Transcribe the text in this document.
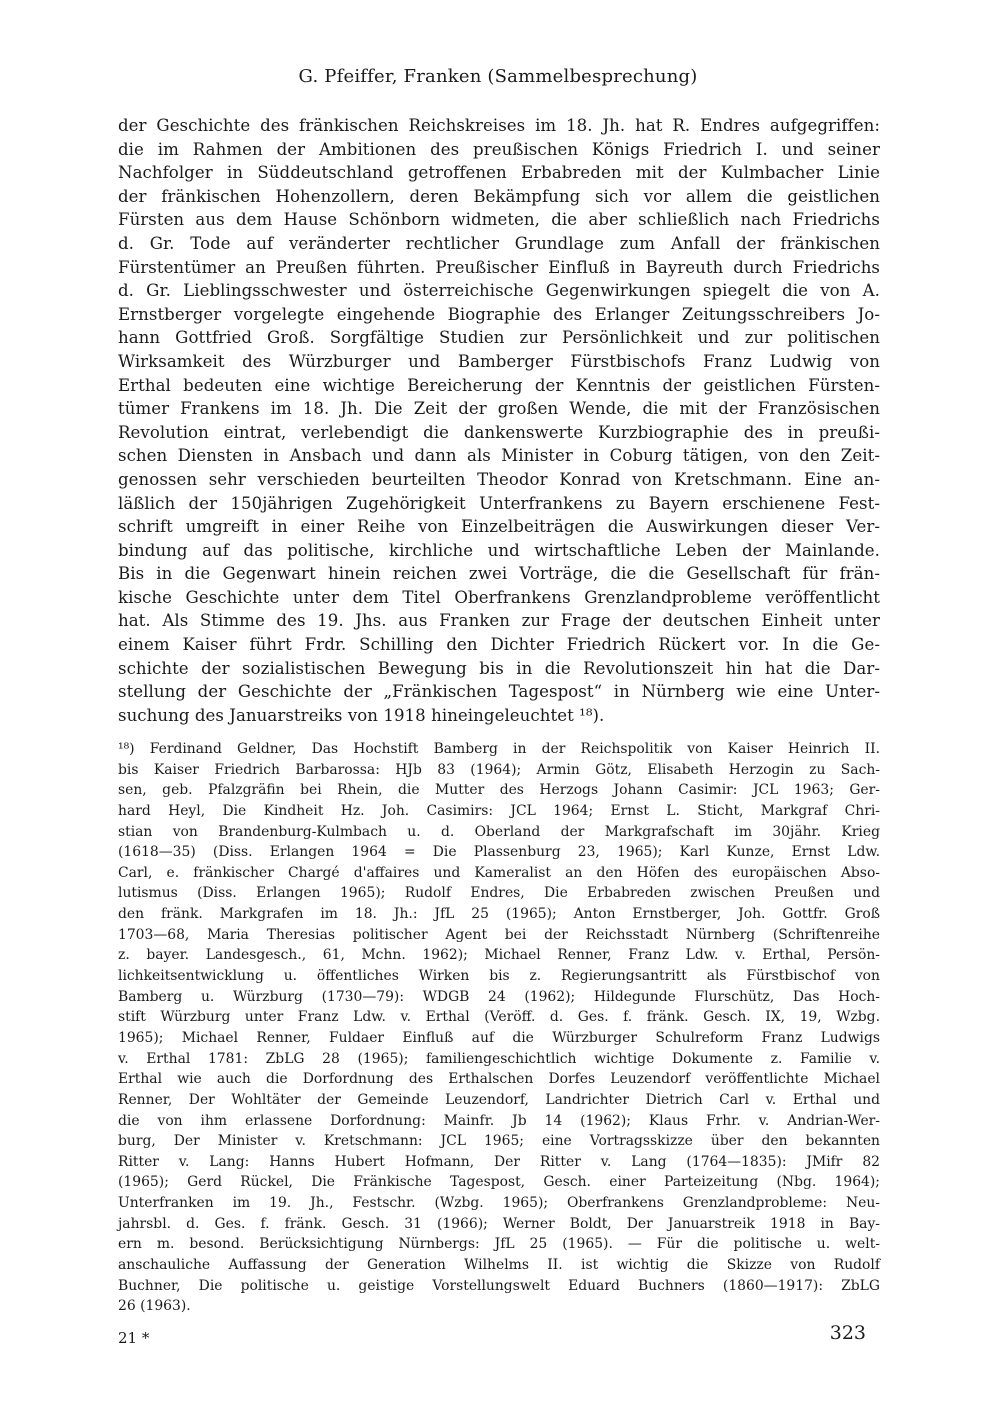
G. Pfeiffer, Franken (Sammelbesprechung)
der Geschichte des fränkischen Reichskreises im 18. Jh. hat R. Endres aufgegriffen:
die im Rahmen der Ambitionen des preußischen Königs Friedrich I. und seiner
Nachfolger in Süddeutschland getroffenen Erbabreden mit der Kulmbacher Linie
der fränkischen Hohenzollern, deren Bekämpfung sich vor allem die geistlichen
Fürsten aus dem Hause Schönborn widmeten, die aber schließlich nach Friedrichs
d. Gr. Tode auf veränderter rechtlicher Grundlage zum Anfall der fränkischen
Fürstentümer an Preußen führten. Preußischer Einfluß in Bayreuth durch Friedrichs
d. Gr. Lieblingsschwester und österreichische Gegenwirkungen spiegelt die von A.
Ernstberger vorgelegte eingehende Biographie des Erlanger Zeitungsschreibers Jo-
hann Gottfried Groß. Sorgfältige Studien zur Persönlichkeit und zur politischen
Wirksamkeit des Würzburger und Bamberger Fürstbischofs Franz Ludwig von
Erthal bedeuten eine wichtige Bereicherung der Kenntnis der geistlichen Fürsten-
tümer Frankens im 18. Jh. Die Zeit der großen Wende, die mit der Französischen
Revolution eintrat, verlebendigt die dankenswerte Kurzbiographie des in preußi-
schen Diensten in Ansbach und dann als Minister in Coburg tätigen, von den Zeit-
genossen sehr verschieden beurteilten Theodor Konrad von Kretschmann. Eine an-
läßlich der 150jährigen Zugehörigkeit Unterfrankens zu Bayern erschienene Fest-
schrift umgreift in einer Reihe von Einzelbeiträgen die Auswirkungen dieser Ver-
bindung auf das politische, kirchliche und wirtschaftliche Leben der Mainlande.
Bis in die Gegenwart hinein reichen zwei Vorträge, die die Gesellschaft für frän-
kische Geschichte unter dem Titel Oberfrankens Grenzlandprobleme veröffentlicht
hat. Als Stimme des 19. Jhs. aus Franken zur Frage der deutschen Einheit unter
einem Kaiser führt Frdr. Schilling den Dichter Friedrich Rückert vor. In die Ge-
schichte der sozialistischen Bewegung bis in die Revolutionszeit hin hat die Dar-
stellung der Geschichte der „Fränkischen Tagespost“ in Nürnberg wie eine Unter-
suchung des Januarstreiks von 1918 hineingeleuchtet ¹⁸).
¹⁸) Ferdinand Geldner, Das Hochstift Bamberg in der Reichspolitik von Kaiser Heinrich II.
bis Kaiser Friedrich Barbarossa: HJb 83 (1964); Armin Götz, Elisabeth Herzogin zu Sach-
sen, geb. Pfalzgräfin bei Rhein, die Mutter des Herzogs Johann Casimir: JCL 1963; Ger-
hard Heyl, Die Kindheit Hz. Joh. Casimirs: JCL 1964; Ernst L. Sticht, Markgraf Chri-
stian von Brandenburg-Kulmbach u. d. Oberland der Markgrafschaft im 30jähr. Krieg
(1618—35) (Diss. Erlangen 1964 = Die Plassenburg 23, 1965); Karl Kunze, Ernst Ldw.
Carl, e. fränkischer Chargé d'affaires und Kameralist an den Höfen des europäischen Abso-
lutismus (Diss. Erlangen 1965); Rudolf Endres, Die Erbabreden zwischen Preußen und
den fränk. Markgrafen im 18. Jh.: JfL 25 (1965); Anton Ernstberger, Joh. Gottfr. Groß
1703—68, Maria Theresias politischer Agent bei der Reichsstadt Nürnberg (Schriftenreihe
z. bayer. Landesgesch., 61, Mchn. 1962); Michael Renner, Franz Ldw. v. Erthal, Persön-
lichkeitsentwicklung u. öffentliches Wirken bis z. Regierungsantritt als Fürstbischof von
Bamberg u. Würzburg (1730—79): WDGB 24 (1962); Hildegunde Flurschütz, Das Hoch-
stift Würzburg unter Franz Ldw. v. Erthal (Veröff. d. Ges. f. fränk. Gesch. IX, 19, Wzbg.
1965); Michael Renner, Fuldaer Einfluß auf die Würzburger Schulreform Franz Ludwigs
v. Erthal 1781: ZbLG 28 (1965); familiengeschichtlich wichtige Dokumente z. Familie v.
Erthal wie auch die Dorfordnung des Erthalschen Dorfes Leuzendorf veröffentlichte Michael
Renner, Der Wohltäter der Gemeinde Leuzendorf, Landrichter Dietrich Carl v. Erthal und
die von ihm erlassene Dorfordnung: Mainfr. Jb 14 (1962); Klaus Frhr. v. Andrian-Wer-
burg, Der Minister v. Kretschmann: JCL 1965; eine Vortragsskizze über den bekannten
Ritter v. Lang: Hanns Hubert Hofmann, Der Ritter v. Lang (1764—1835): JMifr 82
(1965); Gerd Rückel, Die Fränkische Tagespost, Gesch. einer Parteizeitung (Nbg. 1964);
Unterfranken im 19. Jh., Festschr. (Wzbg. 1965); Oberfrankens Grenzlandprobleme: Neu-
jahrsbl. d. Ges. f. fränk. Gesch. 31 (1966); Werner Boldt, Der Januarstreik 1918 in Bay-
ern m. besond. Berücksichtigung Nürnbergs: JfL 25 (1965). — Für die politische u. welt-
anschauliche Auffassung der Generation Wilhelms II. ist wichtig die Skizze von Rudolf
Buchner, Die politische u. geistige Vorstellungswelt Eduard Buchners (1860—1917): ZbLG
26 (1963).
21 *	323
